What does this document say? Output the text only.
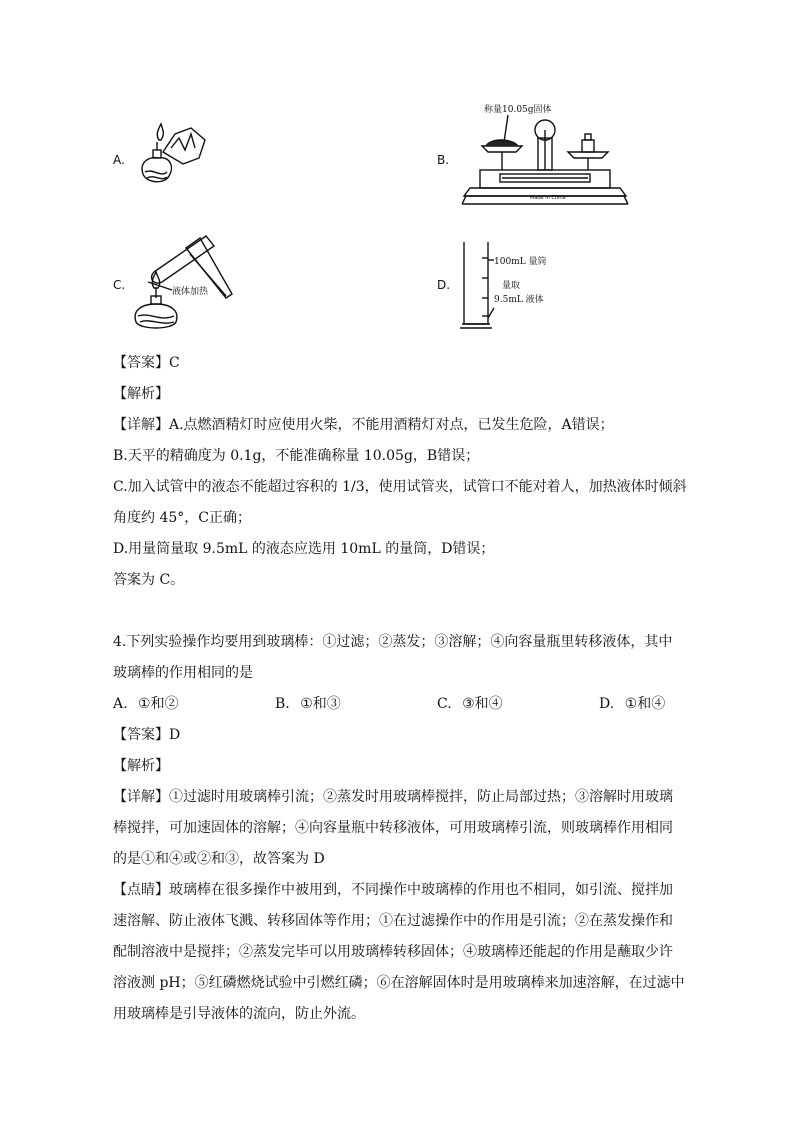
A.	B.
称量10.05g固体
Made in China
C.	液体加热	D.
100mL 量筒
量取
9.5mL 液体
【答案】C
【解析】
【详解】A.点燃酒精灯时应使用火柴，不能用酒精灯对点，已发生危险，A错误；
B.天平的精确度为 0.1g，不能准确称量 10.05g，B错误；
C.加入试管中的液态不能超过容积的 1/3，使用试管夹，试管口不能对着人，加热液体时倾斜
角度约 45°，C正确；
D.用量筒量取 9.5mL 的液态应选用 10mL 的量筒，D错误；
答案为 C。
4.下列实验操作均要用到玻璃棒：①过滤；②蒸发；③溶解；④向容量瓶里转移液体，其中
玻璃棒的作用相同的是
A. ①和②	B. ①和③	C. ③和④	D. ①和④
【答案】D
【解析】
【详解】①过滤时用玻璃棒引流；②蒸发时用玻璃棒搅拌，防止局部过热；③溶解时用玻璃
棒搅拌，可加速固体的溶解；④向容量瓶中转移液体，可用玻璃棒引流，则玻璃棒作用相同
的是①和④或②和③，故答案为 D
【点睛】玻璃棒在很多操作中被用到，不同操作中玻璃棒的作用也不相同，如引流、搅拌加
速溶解、防止液体飞溅、转移固体等作用；①在过滤操作中的作用是引流；②在蒸发操作和
配制溶液中是搅拌；②蒸发完毕可以用玻璃棒转移固体；④玻璃棒还能起的作用是蘸取少许
溶液测 pH；⑤红磷燃烧试验中引燃红磷；⑥在溶解固体时是用玻璃棒来加速溶解，在过滤中
用玻璃棒是引导液体的流向，防止外流。
